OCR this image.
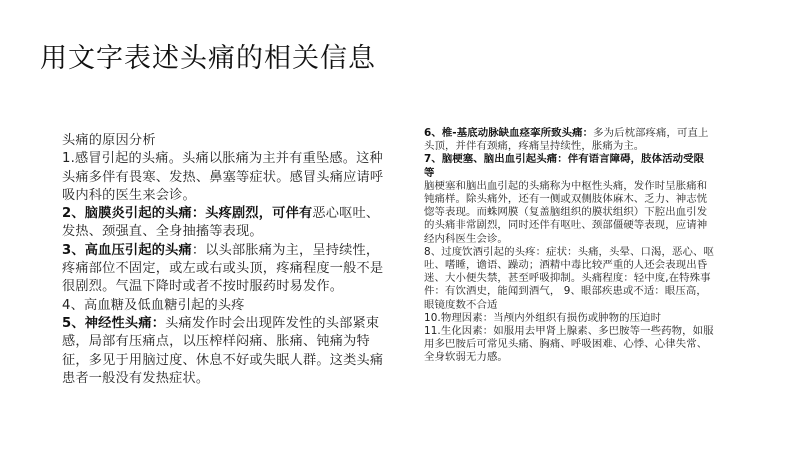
用文字表述头痛的相关信息

头痛的原因分析

1.感冒引起的头痛。头痛以胀痛为主并有重坠感。这种头痛多伴有畏寒、发热、鼻塞等症状。感冒头痛应请呼吸内科的医生来会诊。

2、脑膜炎引起的头痛：头疼剧烈，可伴有恶心呕吐、发热、颈强直、全身抽搐等表现。

3、高血压引起的头痛：以头部胀痛为主，呈持续性，疼痛部位不固定，或左或右或头顶，疼痛程度一般不是很剧烈。气温下降时或者不按时服药时易发作。

4、高血糖及低血糖引起的头疼

5、神经性头痛：头痛发作时会出现阵发性的头部紧束感，局部有压痛点，以压榨样闷痛、胀痛、钝痛为特征，多见于用脑过度、休息不好或失眠人群。这类头痛患者一般没有发热症状。

6、椎-基底动脉缺血痉挛所致头痛：多为后枕部疼痛，可直上头顶，并伴有颈痛，疼痛呈持续性，胀痛为主。

7、脑梗塞、脑出血引起头痛：伴有语言障碍，肢体活动受限等
脑梗塞和脑出血引起的头痛称为中枢性头痛，发作时呈胀痛和钝痛样。除头痛外，还有一侧或双侧肢体麻木、乏力、神志恍惚等表现。而蛛网膜（复盖脑组织的膜状组织）下腔出血引发的头痛非常剧烈，同时还伴有呕吐、颈部僵硬等表现，应请神经内科医生会诊。

8、过度饮酒引起的头疼：症状：头痛，头晕、口渴，恶心、呕吐、嗜睡，谵语、躁动；酒精中毒比较严重的人还会表现出昏迷、大小便失禁，甚至呼吸抑制。头痛程度：轻中度,在特殊事件：有饮酒史，能闻到酒气， 9、眼部疾患或不适：眼压高，眼镜度数不合适

10.物理因素：当颅内外组织有损伤或肿物的压迫时

11.生化因素：如服用去甲肾上腺素、多巴胺等一些药物，如服用多巴胺后可常见头痛、胸痛、呼吸困难、心悸、心律失常、全身软弱无力感。
